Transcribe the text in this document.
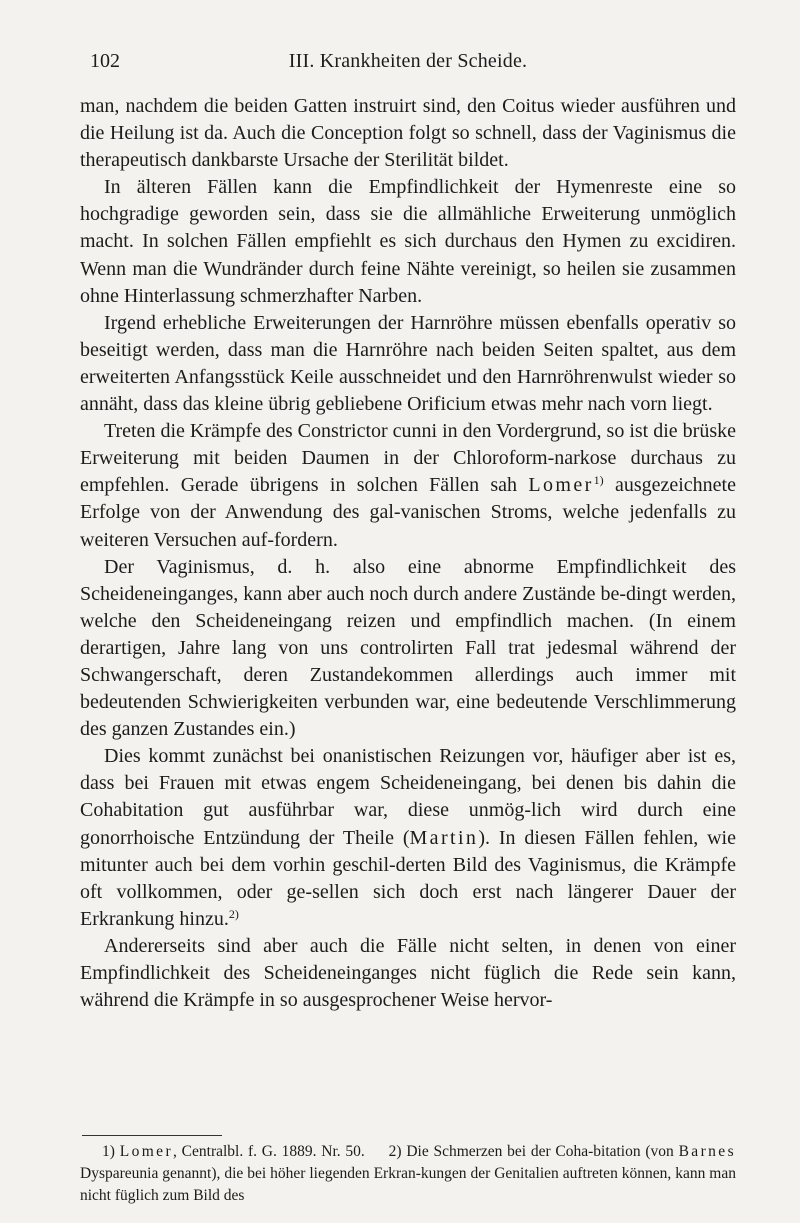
102	III. Krankheiten der Scheide.

man, nachdem die beiden Gatten instruirt sind, den Coitus wieder ausführen und die Heilung ist da. Auch die Conception folgt so schnell, dass der Vaginismus die therapeutisch dankbarste Ursache der Sterilität bildet.

In älteren Fällen kann die Empfindlichkeit der Hymenreste eine so hochgradige geworden sein, dass sie die allmähliche Erweiterung unmöglich macht. In solchen Fällen empfiehlt es sich durchaus den Hymen zu excidiren. Wenn man die Wundränder durch feine Nähte vereinigt, so heilen sie zusammen ohne Hinterlassung schmerzhafter Narben.

Irgend erhebliche Erweiterungen der Harnröhre müssen ebenfalls operativ so beseitigt werden, dass man die Harnröhre nach beiden Seiten spaltet, aus dem erweiterten Anfangsstück Keile ausschneidet und den Harnröhrenwulst wieder so annäht, dass das kleine übrig gebliebene Orificium etwas mehr nach vorn liegt.

Treten die Krämpfe des Constrictor cunni in den Vordergrund, so ist die brüske Erweiterung mit beiden Daumen in der Chloroform-narkose durchaus zu empfehlen. Gerade übrigens in solchen Fällen sah Lomer$^{1)}$ ausgezeichnete Erfolge von der Anwendung des gal-vanischen Stroms, welche jedenfalls zu weiteren Versuchen auf-fordern.

Der Vaginismus, d. h. also eine abnorme Empfindlichkeit des Scheideneinganges, kann aber auch noch durch andere Zustände be-dingt werden, welche den Scheideneingang reizen und empfindlich machen. (In einem derartigen, Jahre lang von uns controlirten Fall trat jedesmal während der Schwangerschaft, deren Zustandekommen allerdings auch immer mit bedeutenden Schwierigkeiten verbunden war, eine bedeutende Verschlimmerung des ganzen Zustandes ein.)

Dies kommt zunächst bei onanistischen Reizungen vor, häufiger aber ist es, dass bei Frauen mit etwas engem Scheideneingang, bei denen bis dahin die Cohabitation gut ausführbar war, diese unmög-lich wird durch eine gonorrhoische Entzündung der Theile (Martin). In diesen Fällen fehlen, wie mitunter auch bei dem vorhin geschil-derten Bild des Vaginismus, die Krämpfe oft vollkommen, oder ge-sellen sich doch erst nach längerer Dauer der Erkrankung hinzu.$^{2)}$

Andererseits sind aber auch die Fälle nicht selten, in denen von einer Empfindlichkeit des Scheideneinganges nicht füglich die Rede sein kann, während die Krämpfe in so ausgesprochener Weise hervor-

1) Lomer, Centralbl. f. G. 1889. Nr. 50. 2) Die Schmerzen bei der Coha-bitation (von Barnes Dyspareunia genannt), die bei höher liegenden Erkran-kungen der Genitalien auftreten können, kann man nicht füglich zum Bild des
